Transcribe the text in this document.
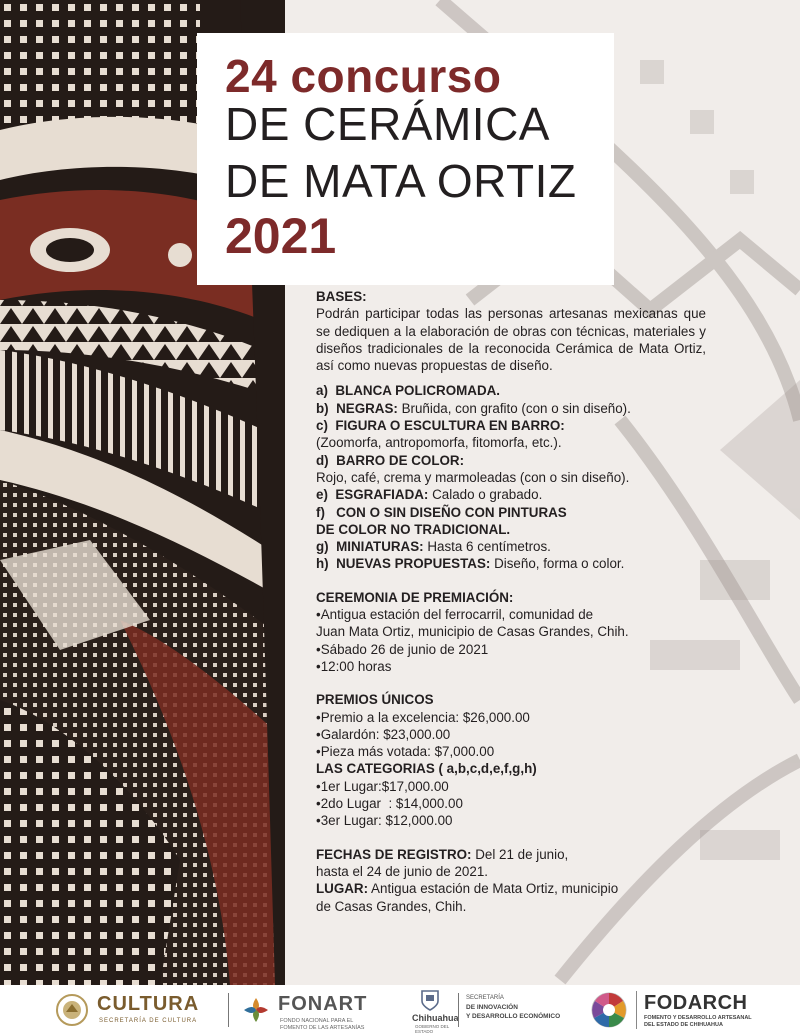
24 concurso
DE CERÁMICA
DE MATA ORTIZ
2021

BASES:

Podrán participar todas las personas artesanas mexicanas que se dediquen a la elaboración de obras con técnicas, materiales y diseños tradicionales de la reconocida Cerámica de Mata Ortiz, así como nuevas propuestas de diseño.

a) BLANCA POLICROMADA.

b) NEGRAS: Bruñida, con grafito (con o sin diseño).

c) FIGURA O ESCULTURA EN BARRO:

(Zoomorfa, antropomorfa, fitomorfa, etc.).

d) BARRO DE COLOR:

Rojo, café, crema y marmoleadas (con o sin diseño).

e) ESGRAFIADA: Calado o grabado.

f) CON O SIN DISEÑO CON PINTURAS

DE COLOR NO TRADICIONAL.

g) MINIATURAS: Hasta 6 centímetros.

h) NUEVAS PROPUESTAS: Diseño, forma o color.

CEREMONIA DE PREMIACIÓN:

•Antigua estación del ferrocarril, comunidad de

Juan Mata Ortiz, municipio de Casas Grandes, Chih.

•Sábado 26 de junio de 2021

•12:00 horas

PREMIOS ÚNICOS

•Premio a la excelencia: $26,000.00

•Galardón: $23,000.00

•Pieza más votada: $7,000.00

LAS CATEGORIAS ( a,b,c,d,e,f,g,h)

•1er Lugar:$17,000.00

•2do Lugar  : $14,000.00

•3er Lugar: $12,000.00

FECHAS DE REGISTRO: Del 21 de junio,

hasta el 24 de junio de 2021.

LUGAR: Antigua estación de Mata Ortiz, municipio

de Casas Grandes, Chih.

CULTURA
SECRETARÍA DE CULTURA
FONART
FONDO NACIONAL PARA EL
FOMENTO DE LAS ARTESANÍAS
Chihuahua
GOBIERNO DEL ESTADO
SECRETARÍA
DE INNOVACIÓN
Y DESARROLLO ECONÓMICO
FODARCH
FOMENTO Y DESARROLLO ARTESANAL
DEL ESTADO DE CHIHUAHUA
